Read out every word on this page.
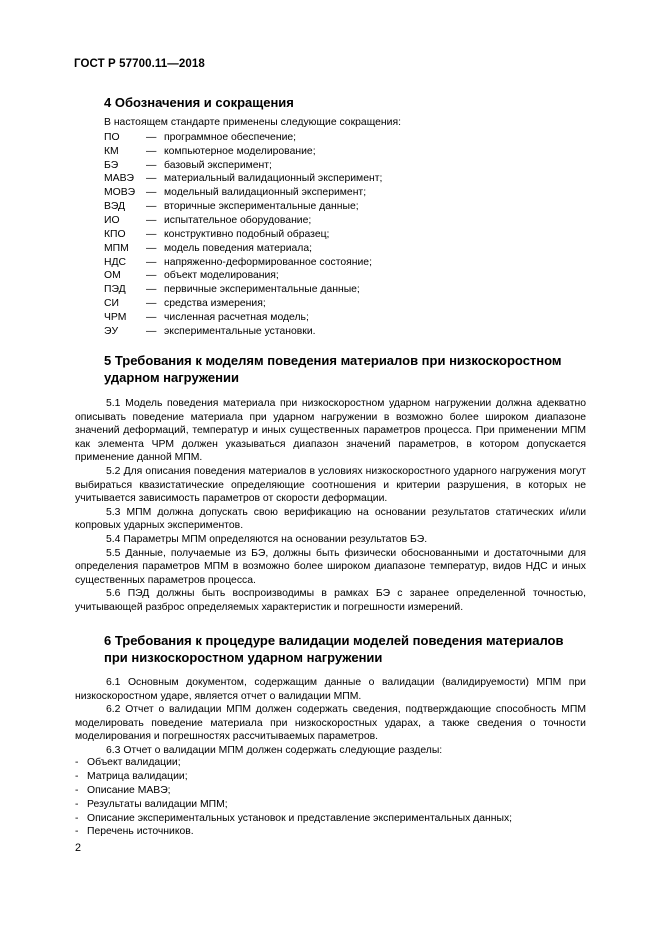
ГОСТ Р 57700.11—2018
4 Обозначения и сокращения
В настоящем стандарте применены следующие сокращения:
ПО	— программное обеспечение;
КМ	— компьютерное моделирование;
БЭ	— базовый эксперимент;
МАВЭ	— материальный валидационный эксперимент;
МОВЭ	— модельный валидационный эксперимент;
ВЭД	— вторичные экспериментальные данные;
ИО	— испытательное оборудование;
КПО	— конструктивно подобный образец;
МПМ	— модель поведения материала;
НДС	— напряженно-деформированное состояние;
ОМ	— объект моделирования;
ПЭД	— первичные экспериментальные данные;
СИ	— средства измерения;
ЧРМ	— численная расчетная модель;
ЭУ	— экспериментальные установки.
5 Требования к моделям поведения материалов при низкоскоростном ударном нагружении

5.1 Модель поведения материала при низкоскоростном ударном нагружении должна адекватно описывать поведение материала при ударном нагружении в возможно более широком диапазоне значений деформаций, температур и иных существенных параметров процесса. При применении МПМ как элемента ЧРМ должен указываться диапазон значений параметров, в котором допускается применение данной МПМ.

5.2 Для описания поведения материалов в условиях низкоскоростного ударного нагружения могут выбираться квазистатические определяющие соотношения и критерии разрушения, в которых не учитывается зависимость параметров от скорости деформации.

5.3 МПМ должна допускать свою верификацию на основании результатов статических и/или копровых ударных экспериментов.

5.4 Параметры МПМ определяются на основании результатов БЭ.

5.5 Данные, получаемые из БЭ, должны быть физически обоснованными и достаточными для определения параметров МПМ в возможно более широком диапазоне температур, видов НДС и иных существенных параметров процесса.

5.6 ПЭД должны быть воспроизводимы в рамках БЭ с заранее определенной точностью, учитывающей разброс определяемых характеристик и погрешности измерений.

6 Требования к процедуре валидации моделей поведения материалов при низкоскоростном ударном нагружении

6.1 Основным документом, содержащим данные о валидации (валидируемости) МПМ при низкоскоростном ударе, является отчет о валидации МПМ.

6.2 Отчет о валидации МПМ должен содержать сведения, подтверждающие способность МПМ моделировать поведение материала при низкоскоростных ударах, а также сведения о точности моделирования и погрешностях рассчитываемых параметров.

6.3 Отчет о валидации МПМ должен содержать следующие разделы:

- Объект валидации;
- Матрица валидации;
- Описание МАВЭ;
- Результаты валидации МПМ;
- Описание экспериментальных установок и представление экспериментальных данных;
- Перечень источников.
2
